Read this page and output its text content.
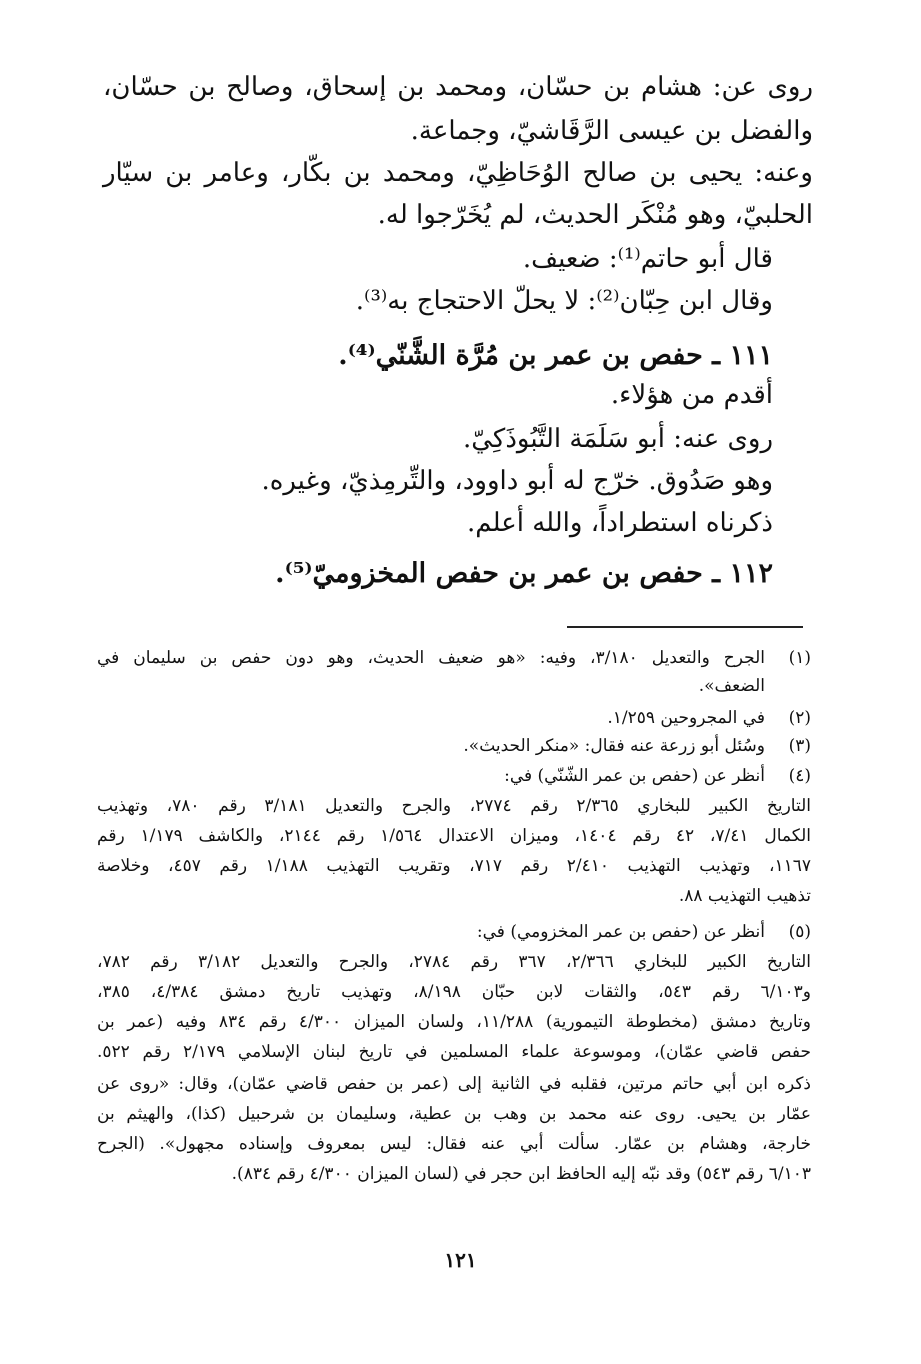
روى عن: هشام بن حسّان، ومحمد بن إسحاق، وصالح بن حسّان،
والفضل بن عيسى الرَّقَاشيّ، وجماعة.
وعنه: يحيى بن صالح الوُحَاظِيّ، ومحمد بن بكّار، وعامر بن سيّار
الحلبيّ، وهو مُنْكَر الحديث، لم يُخَرّجوا له.
قال أبو حاتم⁽¹⁾: ضعيف.
وقال ابن حِبّان⁽²⁾: لا يحلّ الاحتجاج به⁽³⁾.
١١١ ـ حفص بن عمر بن مُرَّة الشَّنّي⁽⁴⁾.
أقدم من هؤلاء.
روى عنه: أبو سَلَمَة التَّبُوذَكِيّ.
وهو صَدُوق. خرّج له أبو داوود، والتِّرمِذيّ، وغيره.
ذكرناه استطراداً، والله أعلم.
١١٢ ـ حفص بن عمر بن حفص المخزوميّ⁽⁵⁾.
(١)
(٢)
(٣)
(٤)
(٥)
الجرح والتعديل ٣/١٨٠، وفيه: «هو ضعيف الحديث، وهو دون حفص بن سليمان في
الضعف».
في المجروحين ١/٢٥٩.
وسُئل أبو زرعة عنه فقال: «منكر الحديث».
أنظر عن (حفص بن عمر الشّنّي) في:
التاريخ الكبير للبخاري ٢/٣٦٥ رقم ٢٧٧٤، والجرح والتعديل ٣/١٨١ رقم ٧٨٠، وتهذيب
الكمال ٧/٤١، ٤٢ رقم ١٤٠٤، وميزان الاعتدال ١/٥٦٤ رقم ٢١٤٤، والكاشف ١/١٧٩ رقم
١١٦٧، وتهذيب التهذيب ٢/٤١٠ رقم ٧١٧، وتقريب التهذيب ١/١٨٨ رقم ٤٥٧، وخلاصة
تذهيب التهذيب ٨٨.
أنظر عن (حفص بن عمر المخزومي) في:
التاريخ الكبير للبخاري ٢/٣٦٦، ٣٦٧ رقم ٢٧٨٤، والجرح والتعديل ٣/١٨٢ رقم ٧٨٢،
و٦/١٠٣ رقم ٥٤٣، والثقات لابن حبّان ٨/١٩٨، وتهذيب تاريخ دمشق ٤/٣٨٤، ٣٨٥،
وتاريخ دمشق (مخطوطة التيمورية) ١١/٢٨٨، ولسان الميزان ٤/٣٠٠ رقم ٨٣٤ وفيه (عمر بن
حفص قاضي عمّان)، وموسوعة علماء المسلمين في تاريخ لبنان الإسلامي ٢/١٧٩ رقم ٥٢٢.
ذكره ابن أبي حاتم مرتين، فقلبه في الثانية إلى (عمر بن حفص قاضي عمّان)، وقال: «روى عن
عمّار بن يحيى. روى عنه محمد بن وهب بن عطية، وسليمان بن شرحبيل (كذا)، والهيثم بن
خارجة، وهشام بن عمّار. سألت أبي عنه فقال: ليس بمعروف وإسناده مجهول». (الجرح
٦/١٠٣ رقم ٥٤٣) وقد نبّه إليه الحافظ ابن حجر في (لسان الميزان ٤/٣٠٠ رقم ٨٣٤).
١٢١
